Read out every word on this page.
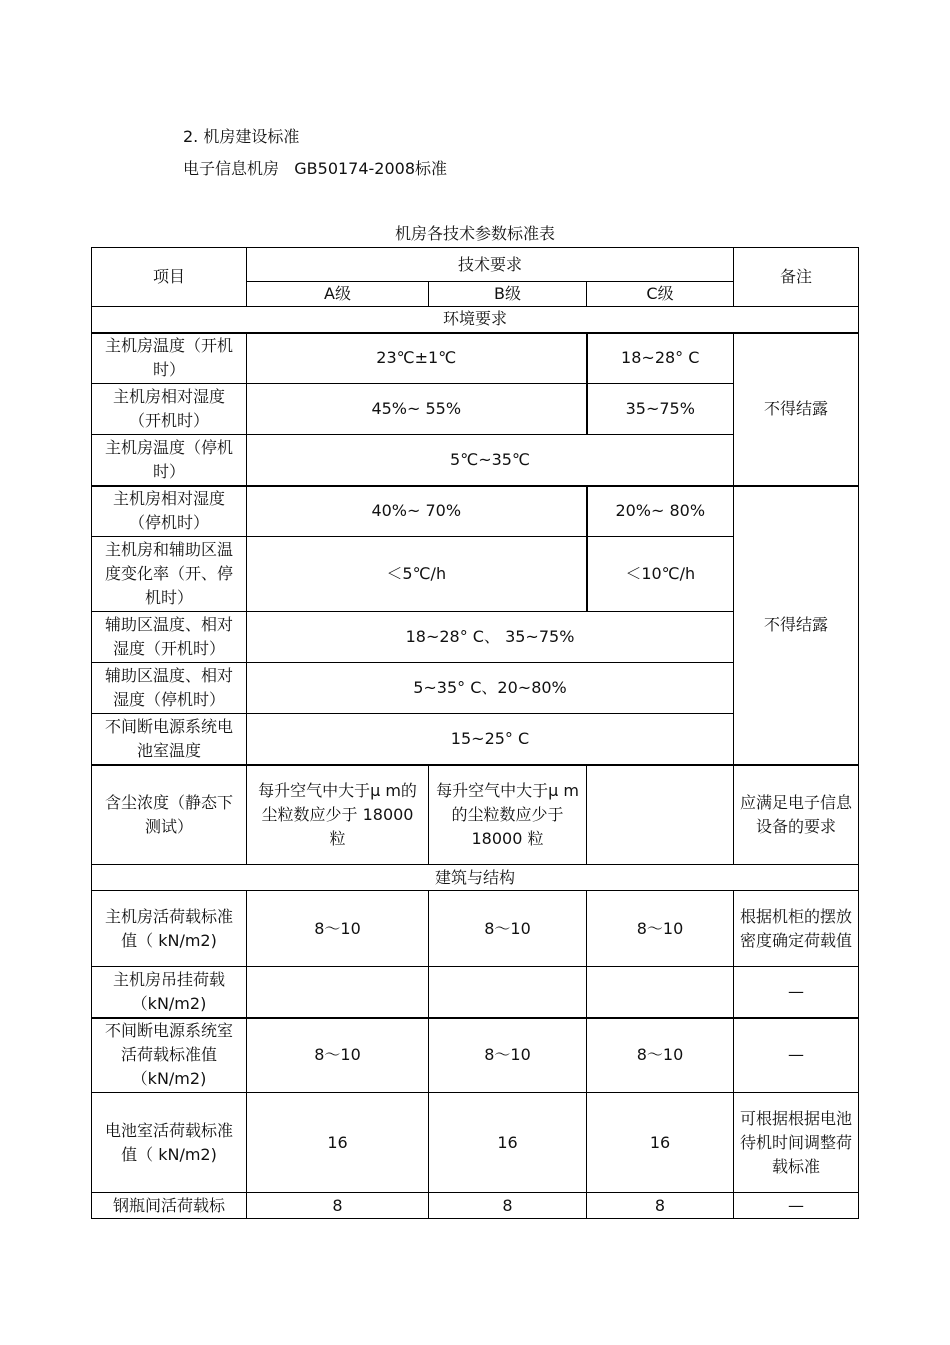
2. 机房建设标准
电子信息机房   GB50174-2008标准
机房各技术参数标准表
项目	技术要求			备注
	A级	B级	C级	
环境要求				
主机房温度（开机时）	23℃±1℃		18~28° C	不得结露
主机房相对湿度（开机时）	45%~ 55%		35~75%	
主机房温度（停机时）	5℃~35℃			
主机房相对湿度（停机时）	40%~ 70%		20%~ 80%	不得结露
主机房和辅助区温度变化率（开、停机时）	＜5℃/h		＜10℃/h	
辅助区温度、相对湿度（开机时）	18~28° C、 35~75%			
辅助区温度、相对湿度（停机时）	5~35° C、20~80%			
不间断电源系统电池室温度	15~25° C			
含尘浓度（静态下测试）	每升空气中大于μ m的尘粒数应少于 18000 粒	每升空气中大于μ m的尘粒数应少于 18000 粒		应满足电子信息设备的要求
建筑与结构				
主机房活荷载标准值（ kN/m2)	8～10	8～10	8～10	根据机柜的摆放密度确定荷载值
主机房吊挂荷载（kN/m2)				—
不间断电源系统室活荷载标准值（kN/m2)	8～10	8～10	8～10	—
电池室活荷载标准值（ kN/m2)	16	16	16	可根据根据电池待机时间调整荷载标准
钢瓶间活荷载标	8	8	8	—
